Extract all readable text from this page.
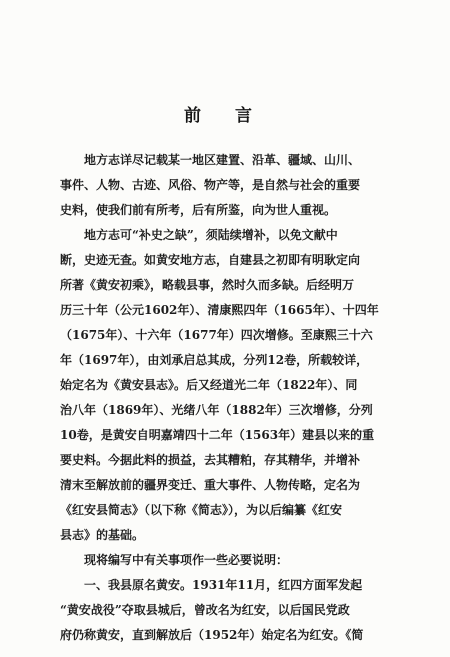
前 言
地方志详尽记载某一地区建置、沿革、疆域、山川、
事件、人物、古迹、风俗、物产等，是自然与社会的重要
史料，使我们前有所考，后有所鉴，向为世人重视。
地方志可“补史之缺”，须陆续增补，以免文献中
断，史迹无查。如黄安地方志，自建县之初即有明耿定向
所著《黄安初乘》，略载县事，然时久而多缺。后经明万
历三十年（公元1602年）、清康熙四年（1665年）、十四年
（1675年）、十六年（1677年）四次增修。至康熙三十六
年（1697年），由刘承启总其成，分列12卷，所载较详，
始定名为《黄安县志》。后又经道光二年（1822年）、同
治八年（1869年）、光绪八年（1882年）三次增修，分列
10卷，是黄安自明嘉靖四十二年（1563年）建县以来的重
要史料。今据此料的损益，去其糟粕，存其精华，并增补
清末至解放前的疆界变迁、重大事件、人物传略，定名为
《红安县简志》（以下称《简志》），为以后编纂《红安
县志》的基础。
现将编写中有关事项作一些必要说明：
一、我县原名黄安。1931年11月，红四方面军发起
“黄安战役”夺取县城后，曾改名为红安，以后国民党政
府仍称黄安，直到解放后（1952年）始定名为红安。《简
